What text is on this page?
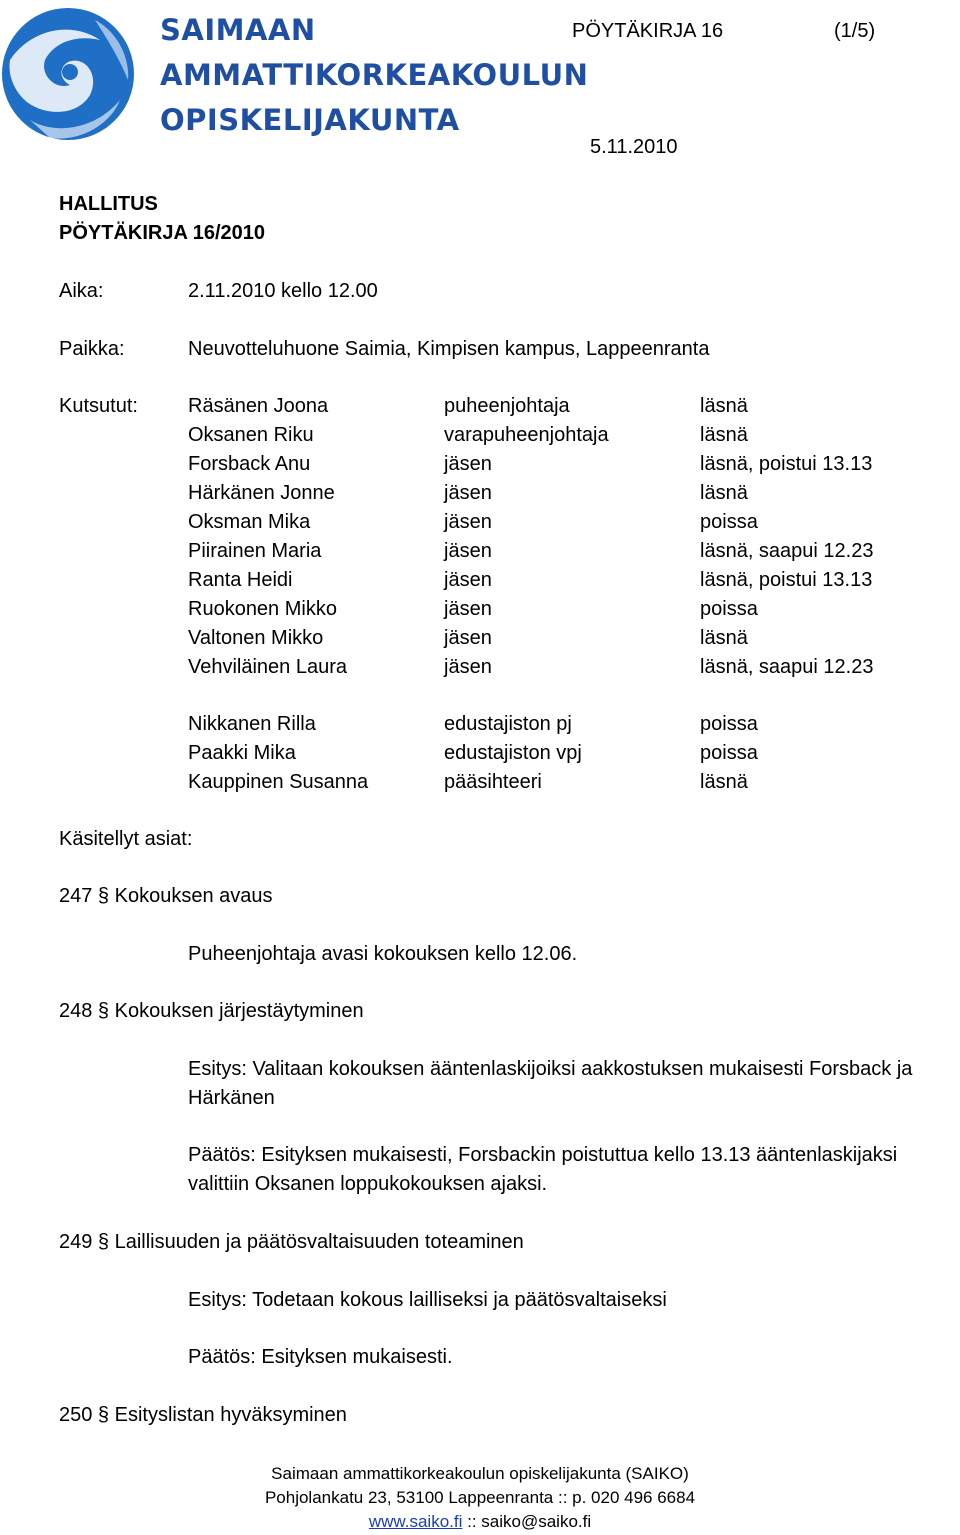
SAIMAAN
AMMATTIKORKEAKOULUN
OPISKELIJAKUNTA
PÖYTÄKIRJA 16	(1/5)
5.11.2010
HALLITUS
PÖYTÄKIRJA 16/2010
Aika:	2.11.2010 kello 12.00
Paikka:	Neuvotteluhuone Saimia, Kimpisen kampus, Lappeenranta
Kutsutut:	Räsänen Joona	puheenjohtaja	läsnä
Oksanen Riku	varapuheenjohtaja	läsnä
Forsback Anu	jäsen	läsnä, poistui 13.13
Härkänen Jonne	jäsen	läsnä
Oksman Mika	jäsen	poissa
Piirainen Maria	jäsen	läsnä, saapui 12.23
Ranta Heidi	jäsen	läsnä, poistui 13.13
Ruokonen Mikko	jäsen	poissa
Valtonen Mikko	jäsen	läsnä
Vehviläinen Laura	jäsen	läsnä, saapui 12.23
Nikkanen Rilla	edustajiston pj	poissa
Paakki Mika	edustajiston vpj	poissa
Kauppinen Susanna	pääsihteeri	läsnä
Käsitellyt asiat:
247 § Kokouksen avaus
Puheenjohtaja avasi kokouksen kello 12.06.
248 § Kokouksen järjestäytyminen
Esitys: Valitaan kokouksen ääntenlaskijoiksi aakkostuksen mukaisesti Forsback ja
Härkänen
Päätös: Esityksen mukaisesti, Forsbackin poistuttua kello 13.13 ääntenlaskijaksi
valittiin Oksanen loppukokouksen ajaksi.
249 § Laillisuuden ja päätösvaltaisuuden toteaminen
Esitys: Todetaan kokous lailliseksi ja päätösvaltaiseksi
Päätös: Esityksen mukaisesti.
250 § Esityslistan hyväksyminen
Saimaan ammattikorkeakoulun opiskelijakunta (SAIKO)
Pohjolankatu 23, 53100 Lappeenranta :: p. 020 496 6684
www.saiko.fi :: saiko@saiko.fi
